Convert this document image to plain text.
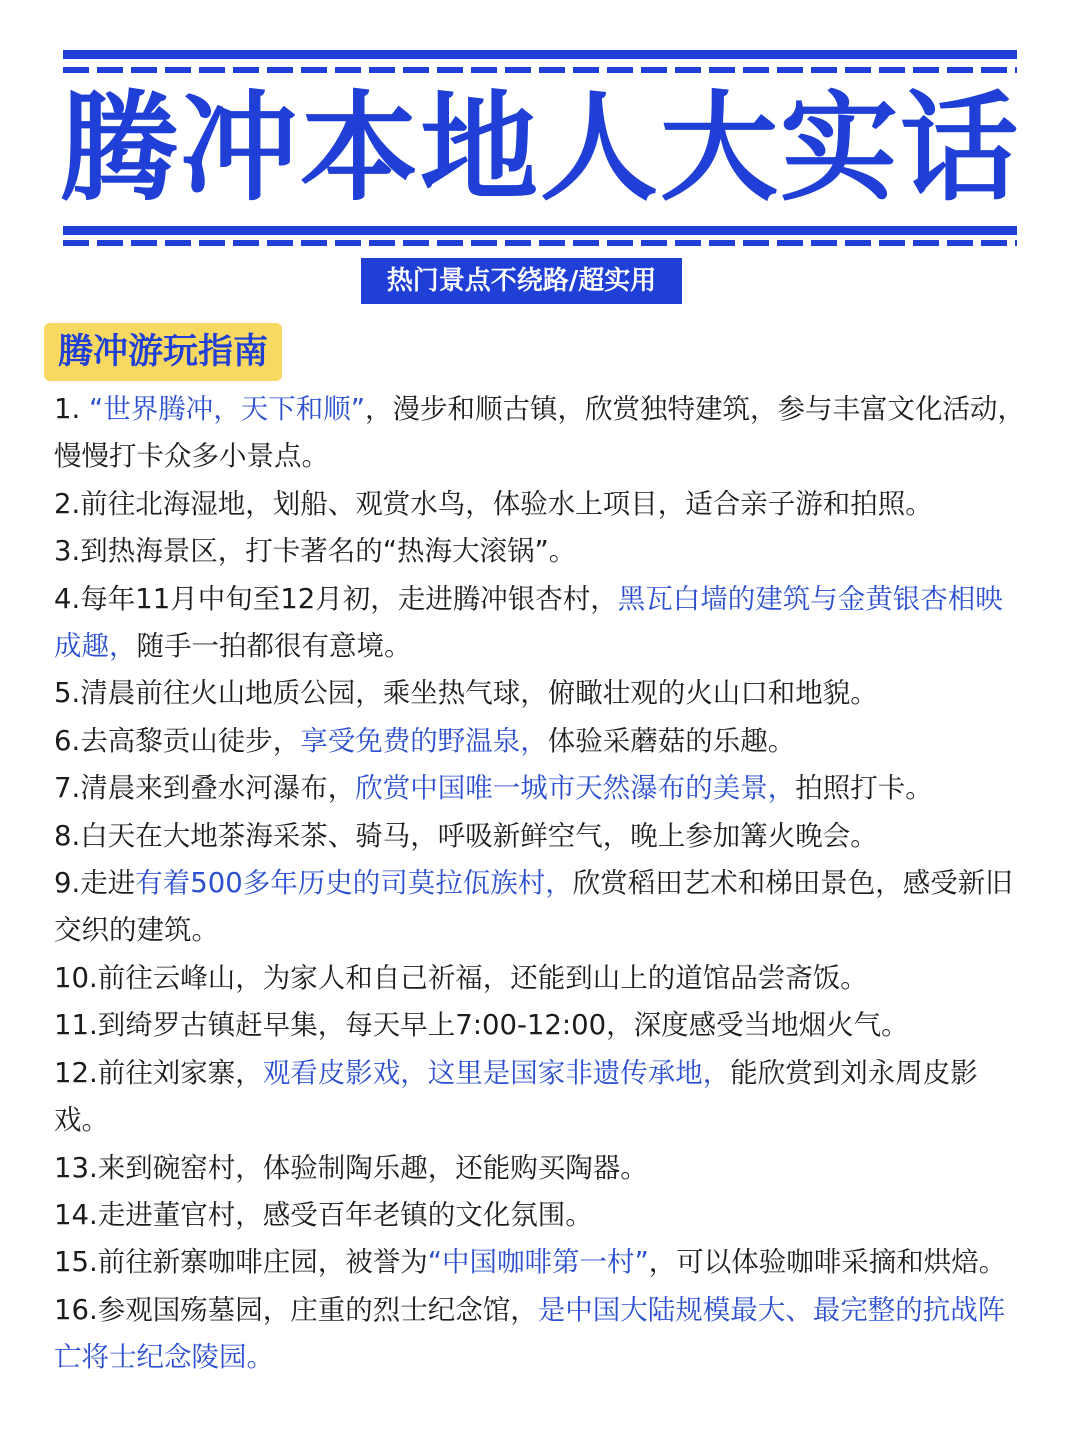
腾冲本地人大实话
热门景点不绕路/超实用
腾冲游玩指南
1. “世界腾冲，天下和顺”，漫步和顺古镇，欣赏独特建筑，参与丰富文化活动，慢慢打卡众多小景点。
2.前往北海湿地，划船、观赏水鸟，体验水上项目，适合亲子游和拍照。
3.到热海景区，打卡著名的“热海大滚锅”。
4.每年11月中旬至12月初，走进腾冲银杏村，黑瓦白墙的建筑与金黄银杏相映成趣，随手一拍都很有意境。
5.清晨前往火山地质公园，乘坐热气球，俯瞰壮观的火山口和地貌。
6.去高黎贡山徒步，享受免费的野温泉，体验采蘑菇的乐趣。
7.清晨来到叠水河瀑布，欣赏中国唯一城市天然瀑布的美景，拍照打卡。
8.白天在大地茶海采茶、骑马，呼吸新鲜空气，晚上参加篝火晚会。
9.走进有着500多年历史的司莫拉佤族村，欣赏稻田艺术和梯田景色，感受新旧交织的建筑。
10.前往云峰山，为家人和自己祈福，还能到山上的道馆品尝斋饭。
11.到绮罗古镇赶早集，每天早上7:00-12:00，深度感受当地烟火气。
12.前往刘家寨，观看皮影戏，这里是国家非遗传承地，能欣赏到刘永周皮影戏。
13.来到碗窑村，体验制陶乐趣，还能购买陶器。
14.走进董官村，感受百年老镇的文化氛围。
15.前往新寨咖啡庄园，被誉为“中国咖啡第一村”，可以体验咖啡采摘和烘焙。
16.参观国殇墓园，庄重的烈士纪念馆，是中国大陆规模最大、最完整的抗战阵亡将士纪念陵园。
